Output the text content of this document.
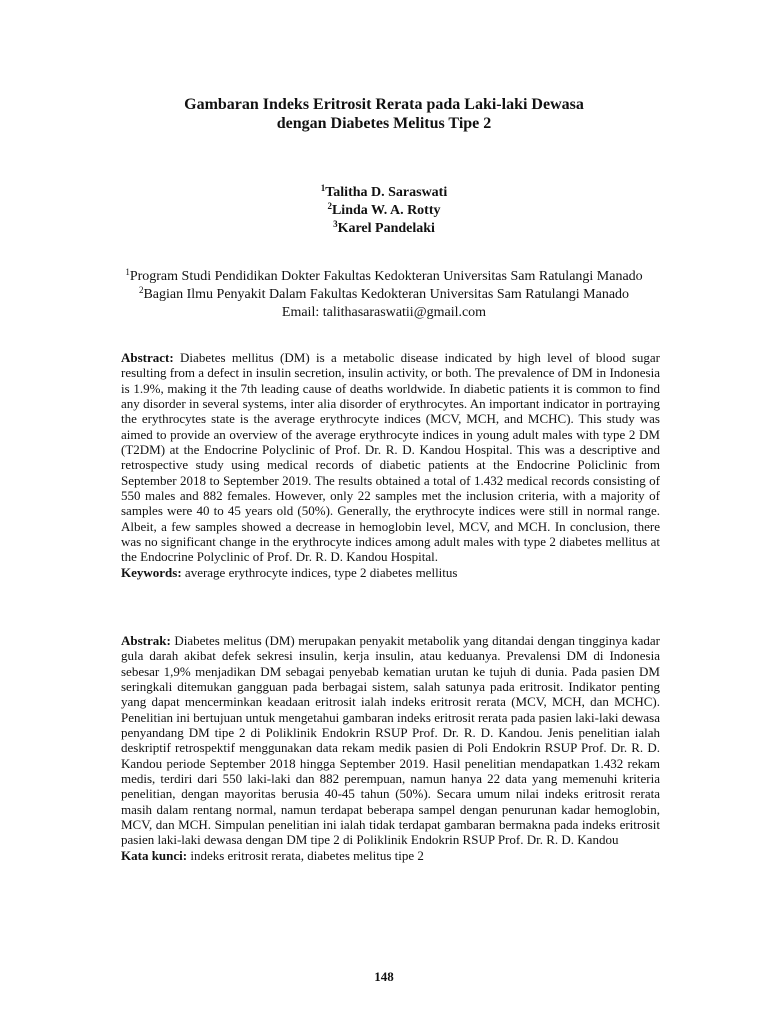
Gambaran Indeks Eritrosit Rerata pada Laki-laki Dewasa
dengan Diabetes Melitus Tipe 2
$^1$Talitha D. Saraswati
$^2$Linda W. A. Rotty
$^3$Karel Pandelaki
$^1$Program Studi Pendidikan Dokter Fakultas Kedokteran Universitas Sam Ratulangi Manado
$^2$Bagian Ilmu Penyakit Dalam Fakultas Kedokteran Universitas Sam Ratulangi Manado
Email: talithasaraswatii@gmail.com

Abstract: Diabetes mellitus (DM) is a metabolic disease indicated by high level of blood sugar resulting from a defect in insulin secretion, insulin activity, or both. The prevalence of DM in Indonesia is 1.9%, making it the 7th leading cause of deaths worldwide. In diabetic patients it is common to find any disorder in several systems, inter alia disorder of erythrocytes. An important indicator in portraying the erythrocytes state is the average erythrocyte indices (MCV, MCH, and MCHC). This study was aimed to provide an overview of the average erythrocyte indices in young adult males with type 2 DM (T2DM) at the Endocrine Polyclinic of Prof. Dr. R. D. Kandou Hospital. This was a descriptive and retrospective study using medical records of diabetic patients at the Endocrine Policlinic from September 2018 to September 2019. The results obtained a total of 1.432 medical records consisting of 550 males and 882 females. However, only 22 samples met the inclusion criteria, with a majority of samples were 40 to 45 years old (50%). Generally, the erythrocyte indices were still in normal range. Albeit, a few samples showed a decrease in hemoglobin level, MCV, and MCH. In conclusion, there was no significant change in the erythrocyte indices among adult males with type 2 diabetes mellitus at the Endocrine Polyclinic of Prof. Dr. R. D. Kandou Hospital.

Keywords: average erythrocyte indices, type 2 diabetes mellitus

Abstrak: Diabetes melitus (DM) merupakan penyakit metabolik yang ditandai dengan tingginya kadar gula darah akibat defek sekresi insulin, kerja insulin, atau keduanya. Prevalensi DM di Indonesia sebesar 1,9% menjadikan DM sebagai penyebab kematian urutan ke tujuh di dunia. Pada pasien DM seringkali ditemukan gangguan pada berbagai sistem, salah satunya pada eritrosit. Indikator penting yang dapat mencerminkan keadaan eritrosit ialah indeks eritrosit rerata (MCV, MCH, dan MCHC). Penelitian ini bertujuan untuk mengetahui gambaran indeks eritrosit rerata pada pasien laki-laki dewasa penyandang DM tipe 2 di Poliklinik Endokrin RSUP Prof. Dr. R. D. Kandou. Jenis penelitian ialah deskriptif retrospektif menggunakan data rekam medik pasien di Poli Endokrin RSUP Prof. Dr. R. D. Kandou periode September 2018 hingga September 2019. Hasil penelitian mendapatkan 1.432 rekam medis, terdiri dari 550 laki-laki dan 882 perempuan, namun hanya 22 data yang memenuhi kriteria penelitian, dengan mayoritas berusia 40-45 tahun (50%). Secara umum nilai indeks eritrosit rerata masih dalam rentang normal, namun terdapat beberapa sampel dengan penurunan kadar hemoglobin, MCV, dan MCH. Simpulan penelitian ini ialah tidak terdapat gambaran bermakna pada indeks eritrosit pasien laki-laki dewasa dengan DM tipe 2 di Poliklinik Endokrin RSUP Prof. Dr. R. D. Kandou

Kata kunci: indeks eritrosit rerata, diabetes melitus tipe 2

148
